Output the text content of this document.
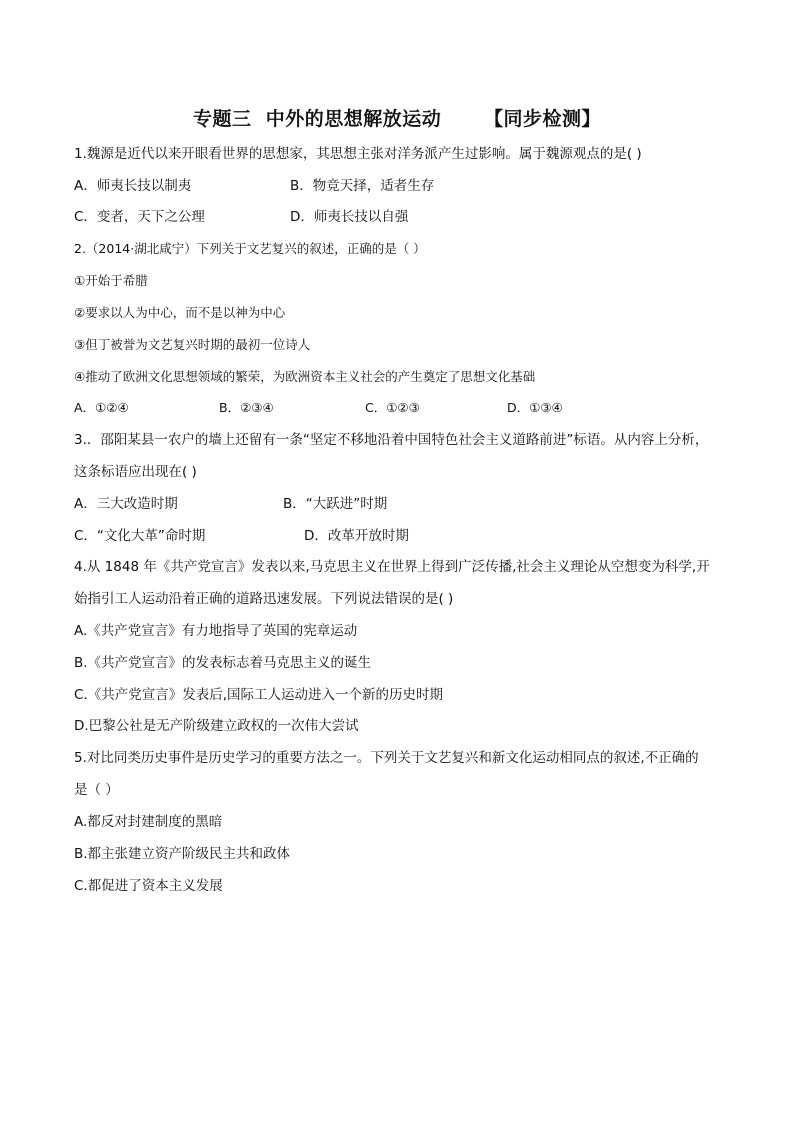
专题三  中外的思想解放运动      【同步检测】
1.魏源是近代以来开眼看世界的思想家，其思想主张对洋务派产生过影响。属于魏源观点的是( )
A．师夷长技以制夷	B．物竞天择，适者生存
C．变者，天下之公理	D．师夷长技以自强
2.（2014·湖北咸宁）下列关于文艺复兴的叙述，正确的是（ ）
①开始于希腊
②要求以人为中心，而不是以神为中心
③但丁被誉为文艺复兴时期的最初一位诗人
④推动了欧洲文化思想领域的繁荣，为欧洲资本主义社会的产生奠定了思想文化基础
A．①②④	B．②③④	C．①②③	D．①③④
3.．邵阳某县一农户的墙上还留有一条“坚定不移地沿着中国特色社会主义道路前进”标语。从内容上分析，
这条标语应出现在( )
A．三大改造时期	B．“大跃进”时期
C．“文化大革”命时期	D．改革开放时期
4.从 1848 年《共产党宣言》发表以来,马克思主义在世界上得到广泛传播,社会主义理论从空想变为科学,开
始指引工人运动沿着正确的道路迅速发展。下列说法错误的是( )
A.《共产党宣言》有力地指导了英国的宪章运动
B.《共产党宣言》的发表标志着马克思主义的诞生
C.《共产党宣言》发表后,国际工人运动进入一个新的历史时期
D.巴黎公社是无产阶级建立政权的一次伟大尝试
5.对比同类历史事件是历史学习的重要方法之一。下列关于文艺复兴和新文化运动相同点的叙述,不正确的
是（ ）
A.都反对封建制度的黑暗
B.都主张建立资产阶级民主共和政体
C.都促进了资本主义发展
